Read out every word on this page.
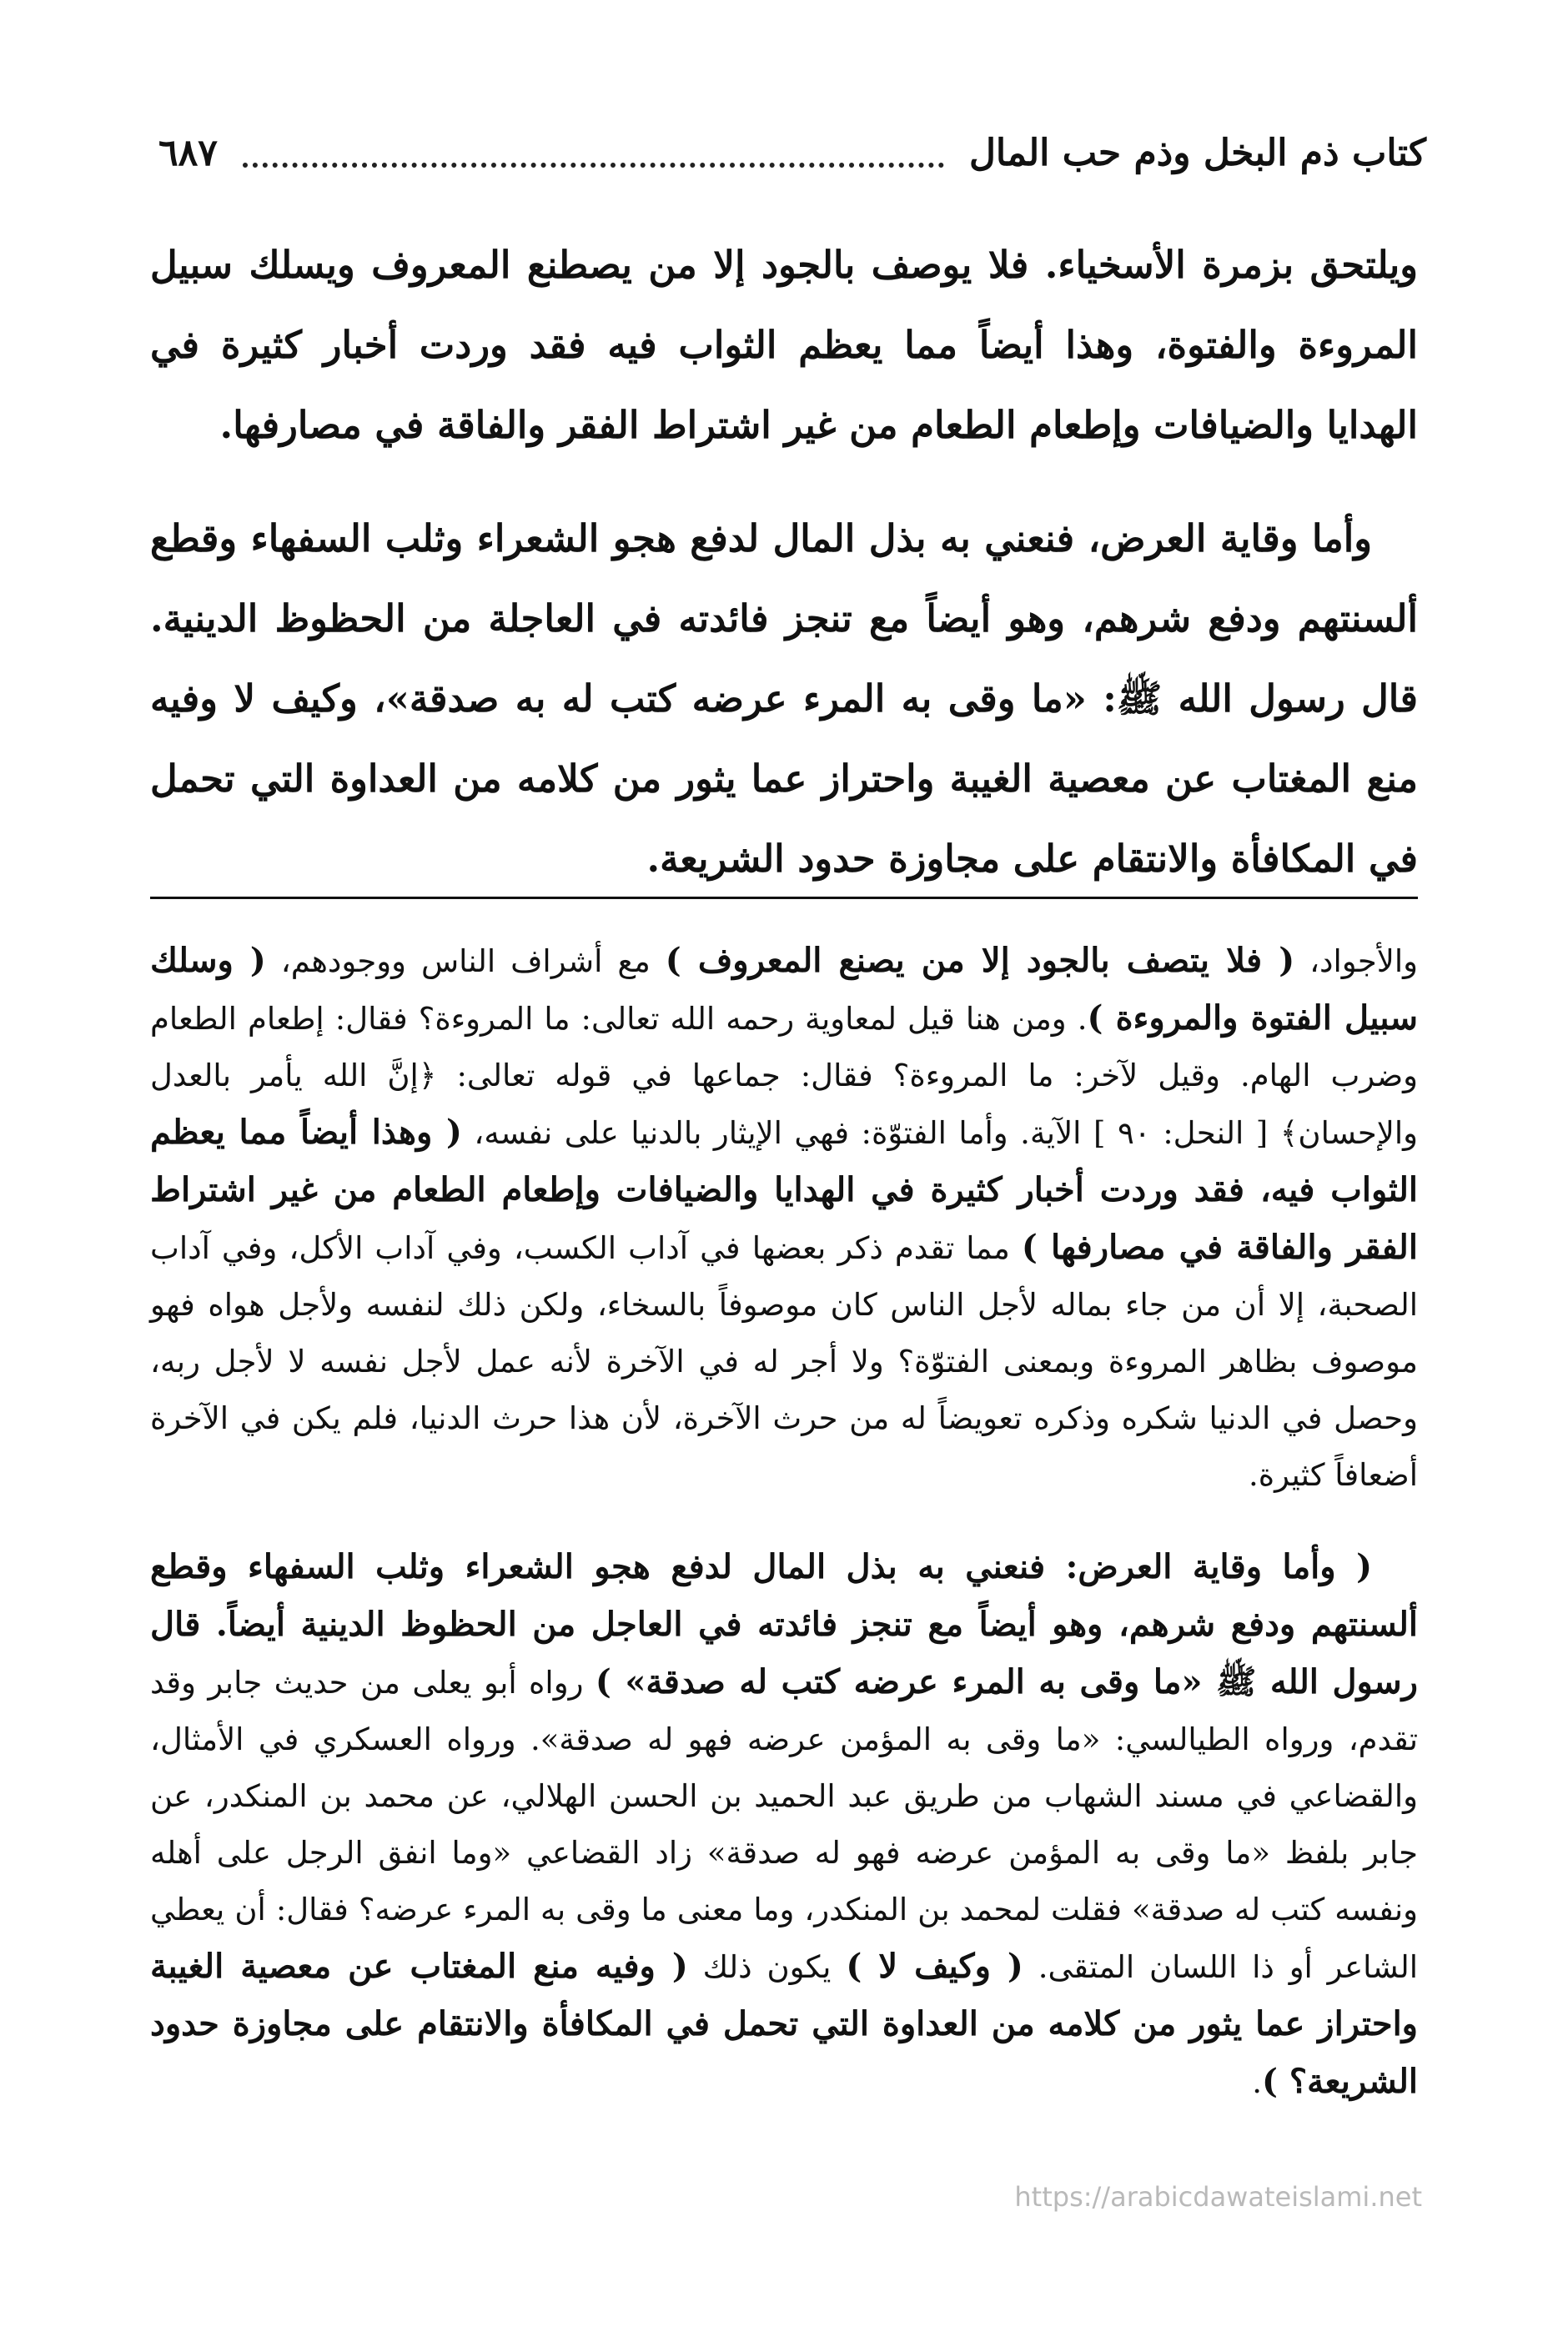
كتاب ذم البخل وذم حب المال
٦٨٧

ويلتحق بزمرة الأسخياء. فلا يوصف بالجود إلا من يصطنع المعروف ويسلك سبيل المروءة والفتوة، وهذا أيضاً مما يعظم الثواب فيه فقد وردت أخبار كثيرة في الهدايا والضيافات وإطعام الطعام من غير اشتراط الفقر والفاقة في مصارفها.

وأما وقاية العرض، فنعني به بذل المال لدفع هجو الشعراء وثلب السفهاء وقطع ألسنتهم ودفع شرهم، وهو أيضاً مع تنجز فائدته في العاجلة من الحظوظ الدينية. قال رسول الله ﷺ: «ما وقى به المرء عرضه كتب له به صدقة»، وكيف لا وفيه منع المغتاب عن معصية الغيبة واحتراز عما يثور من كلامه من العداوة التي تحمل في المكافأة والانتقام على مجاوزة حدود الشريعة.

والأجواد، ( فلا يتصف بالجود إلا من يصنع المعروف ) مع أشراف الناس ووجودهم، ( وسلك سبيل الفتوة والمروءة ). ومن هنا قيل لمعاوية رحمه الله تعالى: ما المروءة؟ فقال: إطعام الطعام وضرب الهام. وقيل لآخر: ما المروءة؟ فقال: جماعها في قوله تعالى: ﴿إنَّ الله يأمر بالعدل والإحسان﴾ [ النحل: ٩٠ ] الآية. وأما الفتوّة: فهي الإيثار بالدنيا على نفسه، ( وهذا أيضاً مما يعظم الثواب فيه، فقد وردت أخبار كثيرة في الهدايا والضيافات وإطعام الطعام من غير اشتراط الفقر والفاقة في مصارفها ) مما تقدم ذكر بعضها في آداب الكسب، وفي آداب الأكل، وفي آداب الصحبة، إلا أن من جاء بماله لأجل الناس كان موصوفاً بالسخاء، ولكن ذلك لنفسه ولأجل هواه فهو موصوف بظاهر المروءة وبمعنى الفتوّة؟ ولا أجر له في الآخرة لأنه عمل لأجل نفسه لا لأجل ربه، وحصل في الدنيا شكره وذكره تعويضاً له من حرث الآخرة، لأن هذا حرث الدنيا، فلم يكن في الآخرة أضعافاً كثيرة.

( وأما وقاية العرض: فنعني به بذل المال لدفع هجو الشعراء وثلب السفهاء وقطع ألسنتهم ودفع شرهم، وهو أيضاً مع تنجز فائدته في العاجل من الحظوظ الدينية أيضاً. قال رسول الله ﷺ «ما وقى به المرء عرضه كتب له صدقة» ) رواه أبو يعلى من حديث جابر وقد تقدم، ورواه الطيالسي: «ما وقى به المؤمن عرضه فهو له صدقة». ورواه العسكري في الأمثال، والقضاعي في مسند الشهاب من طريق عبد الحميد بن الحسن الهلالي، عن محمد بن المنكدر، عن جابر بلفظ «ما وقى به المؤمن عرضه فهو له صدقة» زاد القضاعي «وما انفق الرجل على أهله ونفسه كتب له صدقة» فقلت لمحمد بن المنكدر، وما معنى ما وقى به المرء عرضه؟ فقال: أن يعطي الشاعر أو ذا اللسان المتقى. ( وكيف لا ) يكون ذلك ( وفيه منع المغتاب عن معصية الغيبة واحتراز عما يثور من كلامه من العداوة التي تحمل في المكافأة والانتقام على مجاوزة حدود الشريعة؟ ).

https://arabicdawateislami.net
